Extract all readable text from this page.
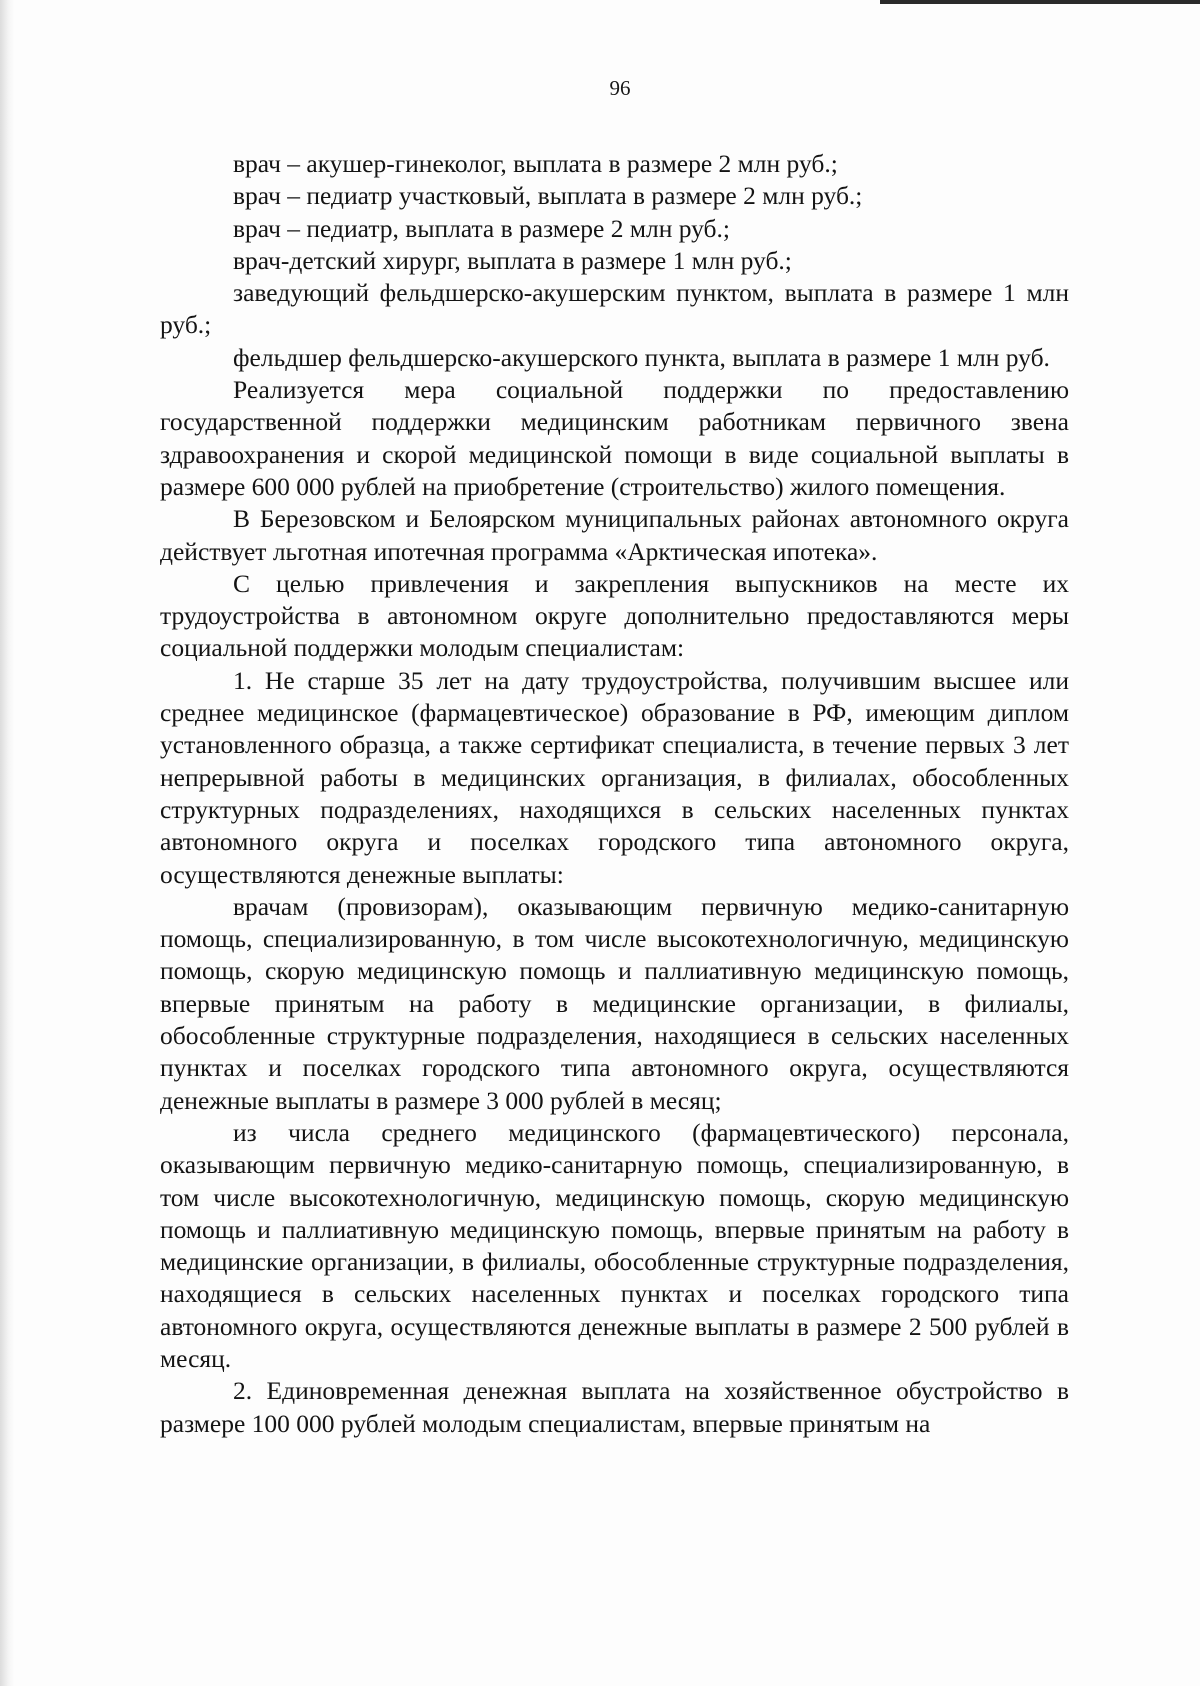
96

врач – акушер-гинеколог, выплата в размере 2 млн руб.;

врач – педиатр участковый, выплата в размере 2 млн руб.;

врач – педиатр, выплата в размере 2 млн руб.;

врач-детский хирург, выплата в размере 1 млн руб.;

заведующий фельдшерско-акушерским пунктом, выплата в размере 1 млн руб.;

фельдшер фельдшерско-акушерского пункта, выплата в размере 1 млн руб.

Реализуется мера социальной поддержки по предоставлению государственной поддержки медицинским работникам первичного звена здравоохранения и скорой медицинской помощи в виде социальной выплаты в размере 600 000 рублей на приобретение (строительство) жилого помещения.

В Березовском и Белоярском муниципальных районах автономного округа действует льготная ипотечная программа «Арктическая ипотека».

С целью привлечения и закрепления выпускников на месте их трудоустройства в автономном округе дополнительно предоставляются меры социальной поддержки молодым специалистам:

1. Не старше 35 лет на дату трудоустройства, получившим высшее или среднее медицинское (фармацевтическое) образование в РФ, имеющим диплом установленного образца, а также сертификат специалиста, в течение первых 3 лет непрерывной работы в медицинских организация, в филиалах, обособленных структурных подразделениях, находящихся в сельских населенных пунктах автономного округа и поселках городского типа автономного округа, осуществляются денежные выплаты:

врачам (провизорам), оказывающим первичную медико-санитарную помощь, специализированную, в том числе высокотехнологичную, медицинскую помощь, скорую медицинскую помощь и паллиативную медицинскую помощь, впервые принятым на работу в медицинские организации, в филиалы, обособленные структурные подразделения, находящиеся в сельских населенных пунктах и поселках городского типа автономного округа, осуществляются денежные выплаты в размере 3 000 рублей в месяц;

из числа среднего медицинского (фармацевтического) персонала, оказывающим первичную медико-санитарную помощь, специализированную, в том числе высокотехнологичную, медицинскую помощь, скорую медицинскую помощь и паллиативную медицинскую помощь, впервые принятым на работу в медицинские организации, в филиалы, обособленные структурные подразделения, находящиеся в сельских населенных пунктах и поселках городского типа автономного округа, осуществляются денежные выплаты в размере 2 500 рублей в месяц.

2. Единовременная денежная выплата на хозяйственное обустройство в размере 100 000 рублей молодым специалистам, впервые принятым на
